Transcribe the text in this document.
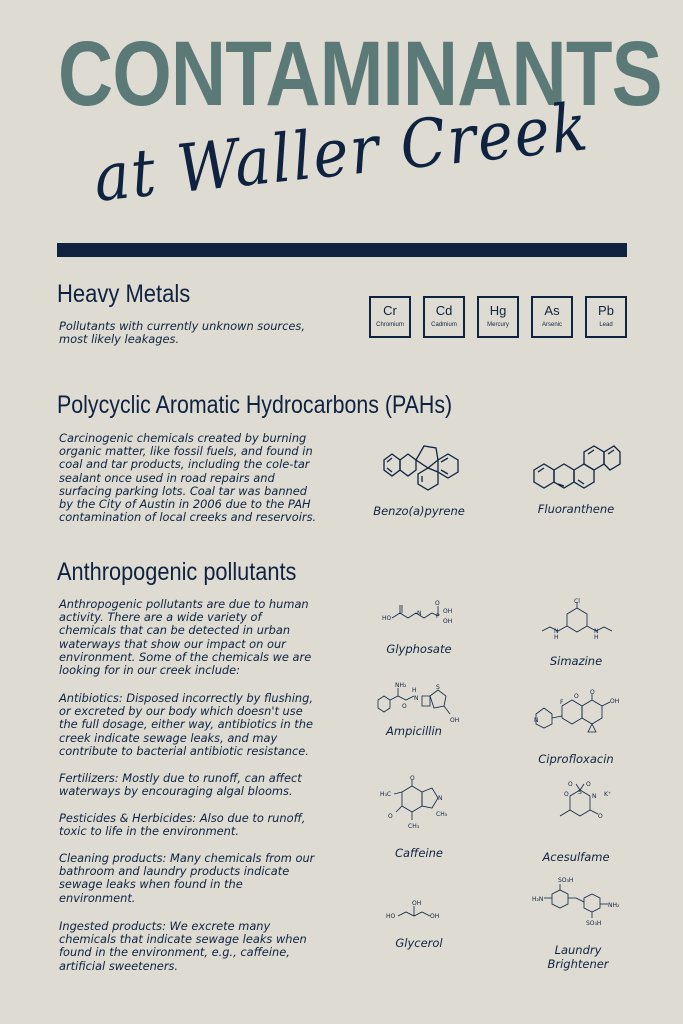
CONTAMINANTS
at Waller Creek
Heavy Metals
Pollutants with currently unknown sources, most likely leakages.
Cr
Chromium
Cd
Cadmium
Hg
Mercury
As
Arsenic
Pb
Lead
Polycyclic Aromatic Hydrocarbons (PAHs)
Carcinogenic chemicals created by burning organic matter, like fossil fuels, and found in coal and tar products, including the cole-tar sealant once used in road repairs and surfacing parking lots. Coal tar was banned by the City of Austin in 2006 due to the PAH contamination of local creeks and reservoirs.	Benzo(a)pyrene	Fluoranthene
Anthropogenic pollutants
Anthropogenic pollutants are due to human activity. There are a wide variety of chemicals that can be detected in urban waterways that show our impact on our environment. Some of the chemicals we are looking for in our creek include:
Antibiotics: Disposed incorrectly by flushing, or excreted by our body which doesn't use the full dosage, either way, antibiotics in the creek indicate sewage leaks, and may contribute to bacterial antibiotic resistance.
Fertilizers: Mostly due to runoff, can affect waterways by encouraging algal blooms.
Pesticides & Herbicides: Also due to runoff, toxic to life in the environment.
Cleaning products: Many chemicals from our bathroom and laundry products indicate sewage leaks when found in the environment.
Ingested products: We excrete many chemicals that indicate sewage leaks when found in the environment, e.g., caffeine, artificial sweeteners.
HO
N
O
P
OH
OH
Glyphosate
Cl
H
N
H
N
Simazine
NH₂
H
N
O
S
OH
Ampicillin
N
O
O
OH
F
Ciprofloxacin
H₃C
O
O
CH₃
CH₃
N
Caffeine
O O
S
N K⁺
O
O
Acesulfame
HO
OH
OH
Glycerol
SO₃H
H₂N
NH₂
SO₃H
Laundry Brightener
